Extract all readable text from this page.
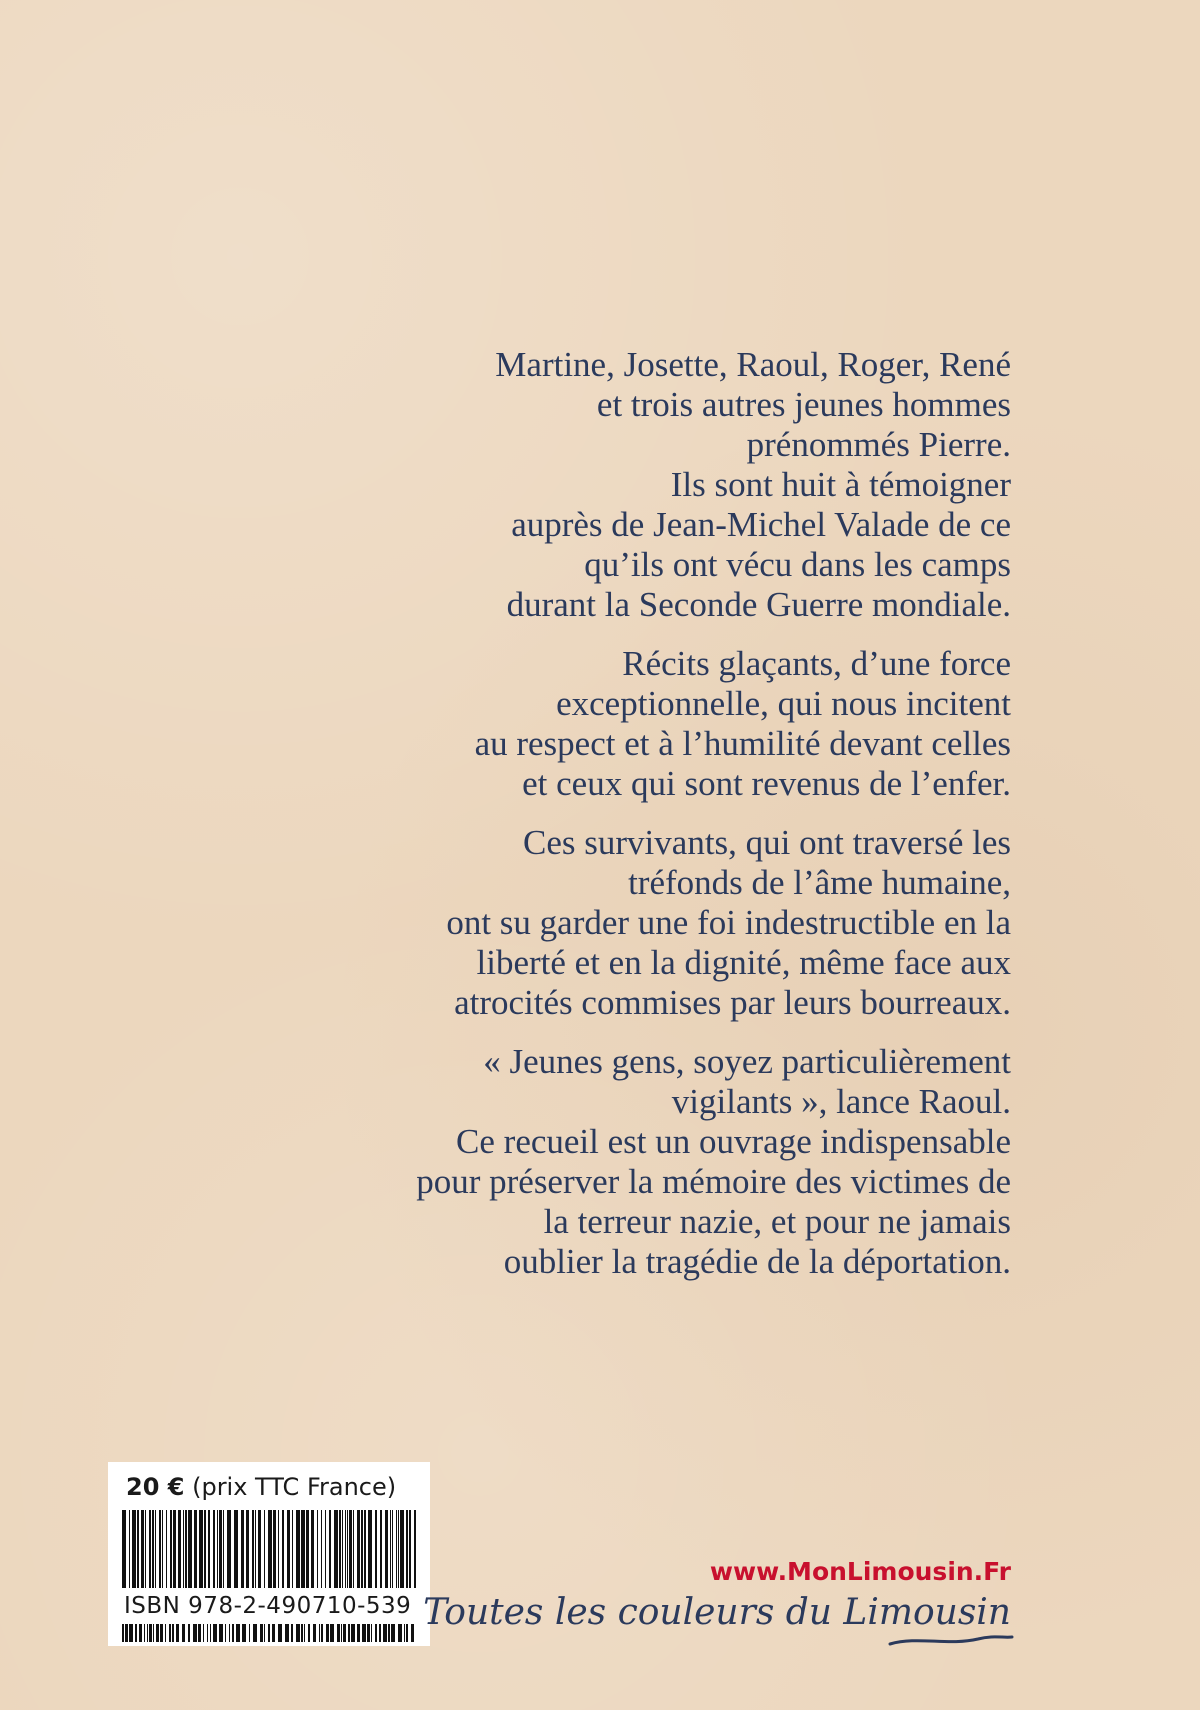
Martine, Josette, Raoul, Roger, René
et trois autres jeunes hommes
prénommés Pierre.
Ils sont huit à témoigner
auprès de Jean-Michel Valade de ce
qu’ils ont vécu dans les camps
durant la Seconde Guerre mondiale.

Récits glaçants, d’une force
exceptionnelle, qui nous incitent
au respect et à l’humilité devant celles
et ceux qui sont revenus de l’enfer.

Ces survivants, qui ont traversé les
tréfonds de l’âme humaine,
ont su garder une foi indestructible en la
liberté et en la dignité, même face aux
atrocités commises par leurs bourreaux.

« Jeunes gens, soyez particulièrement
vigilants », lance Raoul.
Ce recueil est un ouvrage indispensable
pour préserver la mémoire des victimes de
la terreur nazie, et pour ne jamais
oublier la tragédie de la déportation.

20 € (prix TTC France)
ISBN 978-2-490710-539
www.MonLimousin.Fr
Toutes les couleurs du Limousin
